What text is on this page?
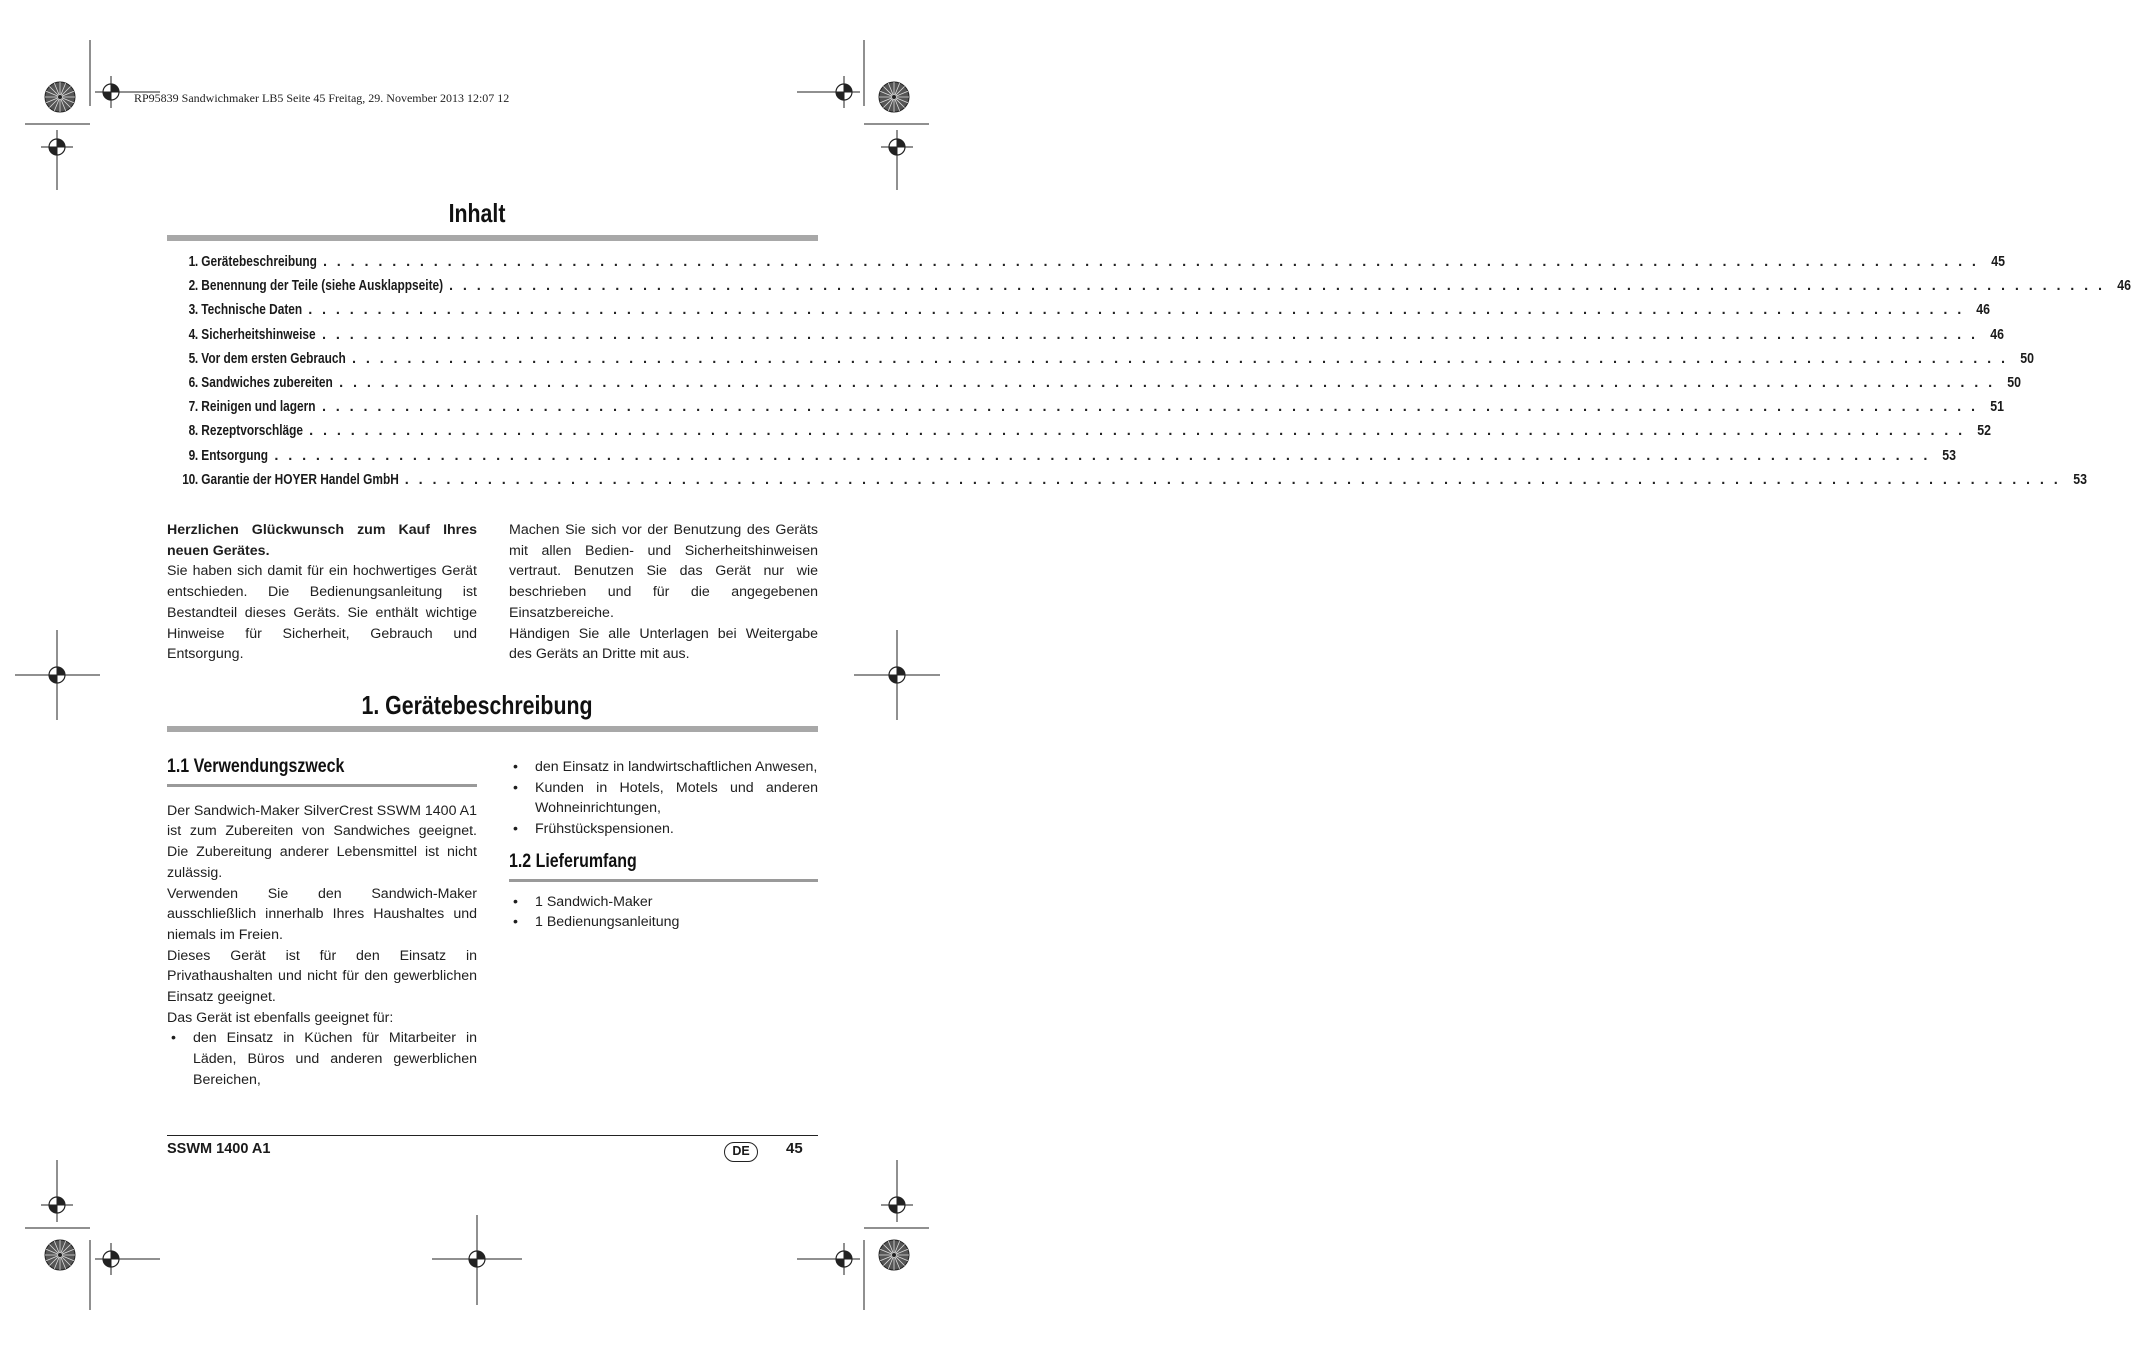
RP95839 Sandwichmaker LB5 Seite 45 Freitag, 29. November 2013 12:07 12
Inhalt
1. Gerätebeschreibung . . . . . . . . . . . . . . . . . . . . . . . . . . . . . . . . . . . . . . . . . . . . . . . . . . . . . . . . . . . . . . . . . . . . . . . . . . . . . . . . . . . . . . . . . . . . . . . . . . . . . . . . . . . . . . . . . . . . . . . . 45
2. Benennung der Teile (siehe Ausklappseite) . . . . . . . . . . . . . . . . . . . . . . . . . . . . . . . . . . . . . . . . . . . . . . . . . . . . . . . . . . . . . . . . . . . . . . . . . . . . . . . . . . . . . . . . . . . . . . . . . . . . . . . . . . . . . . . . . . . . . . . . 46
3. Technische Daten . . . . . . . . . . . . . . . . . . . . . . . . . . . . . . . . . . . . . . . . . . . . . . . . . . . . . . . . . . . . . . . . . . . . . . . . . . . . . . . . . . . . . . . . . . . . . . . . . . . . . . . . . . . . . . . . . . . . . . . . 46
4. Sicherheitshinweise . . . . . . . . . . . . . . . . . . . . . . . . . . . . . . . . . . . . . . . . . . . . . . . . . . . . . . . . . . . . . . . . . . . . . . . . . . . . . . . . . . . . . . . . . . . . . . . . . . . . . . . . . . . . . . . . . . . . . . . . 46
5. Vor dem ersten Gebrauch . . . . . . . . . . . . . . . . . . . . . . . . . . . . . . . . . . . . . . . . . . . . . . . . . . . . . . . . . . . . . . . . . . . . . . . . . . . . . . . . . . . . . . . . . . . . . . . . . . . . . . . . . . . . . . . . . . . . . . . . 50
6. Sandwiches zubereiten . . . . . . . . . . . . . . . . . . . . . . . . . . . . . . . . . . . . . . . . . . . . . . . . . . . . . . . . . . . . . . . . . . . . . . . . . . . . . . . . . . . . . . . . . . . . . . . . . . . . . . . . . . . . . . . . . . . . . . . . 50
7. Reinigen und lagern . . . . . . . . . . . . . . . . . . . . . . . . . . . . . . . . . . . . . . . . . . . . . . . . . . . . . . . . . . . . . . . . . . . . . . . . . . . . . . . . . . . . . . . . . . . . . . . . . . . . . . . . . . . . . . . . . . . . . . . . 51
8. Rezeptvorschläge . . . . . . . . . . . . . . . . . . . . . . . . . . . . . . . . . . . . . . . . . . . . . . . . . . . . . . . . . . . . . . . . . . . . . . . . . . . . . . . . . . . . . . . . . . . . . . . . . . . . . . . . . . . . . . . . . . . . . . . . 52
9. Entsorgung . . . . . . . . . . . . . . . . . . . . . . . . . . . . . . . . . . . . . . . . . . . . . . . . . . . . . . . . . . . . . . . . . . . . . . . . . . . . . . . . . . . . . . . . . . . . . . . . . . . . . . . . . . . . . . . . . . . . . . . . 53
10. Garantie der HOYER Handel GmbH . . . . . . . . . . . . . . . . . . . . . . . . . . . . . . . . . . . . . . . . . . . . . . . . . . . . . . . . . . . . . . . . . . . . . . . . . . . . . . . . . . . . . . . . . . . . . . . . . . . . . . . . . . . . . . . . . . . . . . . . 53

Herzlichen Glückwunsch zum Kauf Ihres neuen Gerätes.

Sie haben sich damit für ein hochwertiges Gerät entschieden. Die Bedienungsanleitung ist Bestandteil dieses Geräts. Sie enthält wichtige Hinweise für Sicherheit, Gebrauch und Entsorgung.

Machen Sie sich vor der Benutzung des Geräts mit allen Bedien- und Sicherheitshinweisen vertraut. Benutzen Sie das Gerät nur wie beschrieben und für die angegebenen Einsatzbereiche.

Händigen Sie alle Unterlagen bei Weitergabe des Geräts an Dritte mit aus.

1. Gerätebeschreibung
1.1 Verwendungszweck

Der Sandwich-Maker SilverCrest SSWM 1400 A1 ist zum Zubereiten von Sandwiches geeignet. Die Zubereitung anderer Lebensmittel ist nicht zulässig.

Verwenden Sie den Sandwich-Maker ausschließlich innerhalb Ihres Haushaltes und niemals im Freien.

Dieses Gerät ist für den Einsatz in Privathaushalten und nicht für den gewerblichen Einsatz geeignet.

Das Gerät ist ebenfalls geeignet für:

• den Einsatz in Küchen für Mitarbeiter in Läden, Büros und anderen gewerblichen Bereichen,
• den Einsatz in landwirtschaftlichen Anwesen,
• Kunden in Hotels, Motels und anderen Wohneinrichtungen,
• Frühstückspensionen.
1.2 Lieferumfang
• 1 Sandwich-Maker
• 1 Bedienungsanleitung
SSWM 1400 A1	DE	45
